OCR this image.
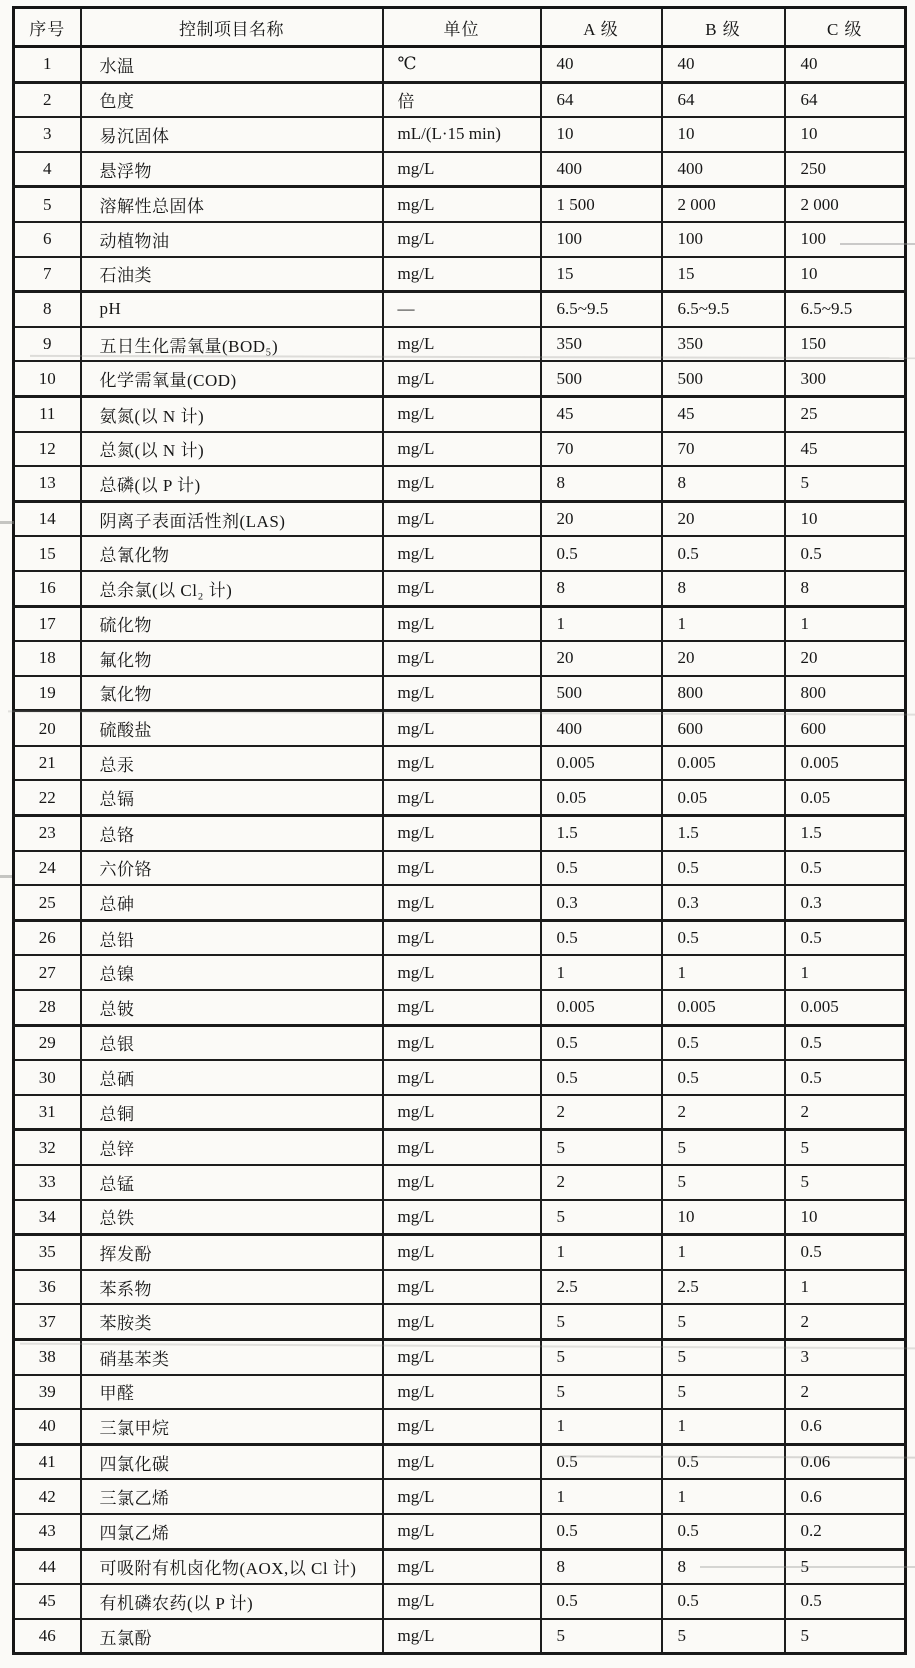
序号	控制项目名称	单位	A 级	B 级	C 级
1	水温	℃	40	40	40
2	色度	倍	64	64	64
3	易沉固体	mL/(L·15 min)	10	10	10
4	悬浮物	mg/L	400	400	250
5	溶解性总固体	mg/L	1 500	2 000	2 000
6	动植物油	mg/L	100	100	100
7	石油类	mg/L	15	15	10
8	pH	—	6.5~9.5	6.5~9.5	6.5~9.5
9	五日生化需氧量(BOD₅)	mg/L	350	350	150
10	化学需氧量(COD)	mg/L	500	500	300
11	氨氮(以 N 计)	mg/L	45	45	25
12	总氮(以 N 计)	mg/L	70	70	45
13	总磷(以 P 计)	mg/L	8	8	5
14	阴离子表面活性剂(LAS)	mg/L	20	20	10
15	总氰化物	mg/L	0.5	0.5	0.5
16	总余氯(以 Cl₂ 计)	mg/L	8	8	8
17	硫化物	mg/L	1	1	1
18	氟化物	mg/L	20	20	20
19	氯化物	mg/L	500	800	800
20	硫酸盐	mg/L	400	600	600
21	总汞	mg/L	0.005	0.005	0.005
22	总镉	mg/L	0.05	0.05	0.05
23	总铬	mg/L	1.5	1.5	1.5
24	六价铬	mg/L	0.5	0.5	0.5
25	总砷	mg/L	0.3	0.3	0.3
26	总铅	mg/L	0.5	0.5	0.5
27	总镍	mg/L	1	1	1
28	总铍	mg/L	0.005	0.005	0.005
29	总银	mg/L	0.5	0.5	0.5
30	总硒	mg/L	0.5	0.5	0.5
31	总铜	mg/L	2	2	2
32	总锌	mg/L	5	5	5
33	总锰	mg/L	2	5	5
34	总铁	mg/L	5	10	10
35	挥发酚	mg/L	1	1	0.5
36	苯系物	mg/L	2.5	2.5	1
37	苯胺类	mg/L	5	5	2
38	硝基苯类	mg/L	5	5	3
39	甲醛	mg/L	5	5	2
40	三氯甲烷	mg/L	1	1	0.6
41	四氯化碳	mg/L	0.5	0.5	0.06
42	三氯乙烯	mg/L	1	1	0.6
43	四氯乙烯	mg/L	0.5	0.5	0.2
44	可吸附有机卤化物(AOX,以 Cl 计)	mg/L	8	8	5
45	有机磷农药(以 P 计)	mg/L	0.5	0.5	0.5
46	五氯酚	mg/L	5	5	5
